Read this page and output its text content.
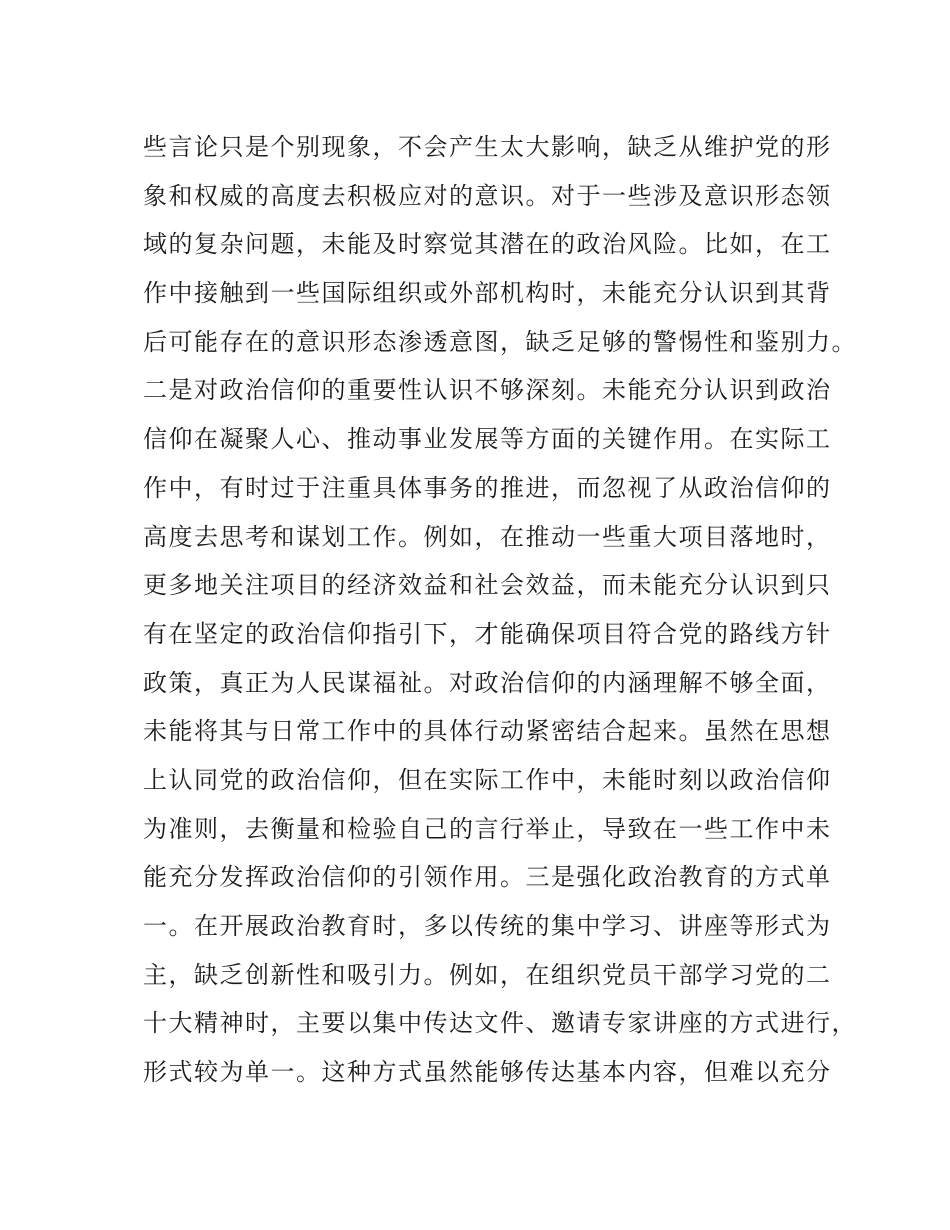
些言论只是个别现象，不会产生太大影响，缺乏从维护党的形
象和权威的高度去积极应对的意识。对于一些涉及意识形态领
域的复杂问题，未能及时察觉其潜在的政治风险。比如，在工
作中接触到一些国际组织或外部机构时，未能充分认识到其背
后可能存在的意识形态渗透意图，缺乏足够的警惕性和鉴别力。
二是对政治信仰的重要性认识不够深刻。未能充分认识到政治
信仰在凝聚人心、推动事业发展等方面的关键作用。在实际工
作中，有时过于注重具体事务的推进，而忽视了从政治信仰的
高度去思考和谋划工作。例如，在推动一些重大项目落地时，
更多地关注项目的经济效益和社会效益，而未能充分认识到只
有在坚定的政治信仰指引下，才能确保项目符合党的路线方针
政策，真正为人民谋福祉。对政治信仰的内涵理解不够全面，
未能将其与日常工作中的具体行动紧密结合起来。虽然在思想
上认同党的政治信仰，但在实际工作中，未能时刻以政治信仰
为准则，去衡量和检验自己的言行举止，导致在一些工作中未
能充分发挥政治信仰的引领作用。三是强化政治教育的方式单
一。在开展政治教育时，多以传统的集中学习、讲座等形式为
主，缺乏创新性和吸引力。例如，在组织党员干部学习党的二
十大精神时，主要以集中传达文件、邀请专家讲座的方式进行，
形式较为单一。这种方式虽然能够传达基本内容，但难以充分
